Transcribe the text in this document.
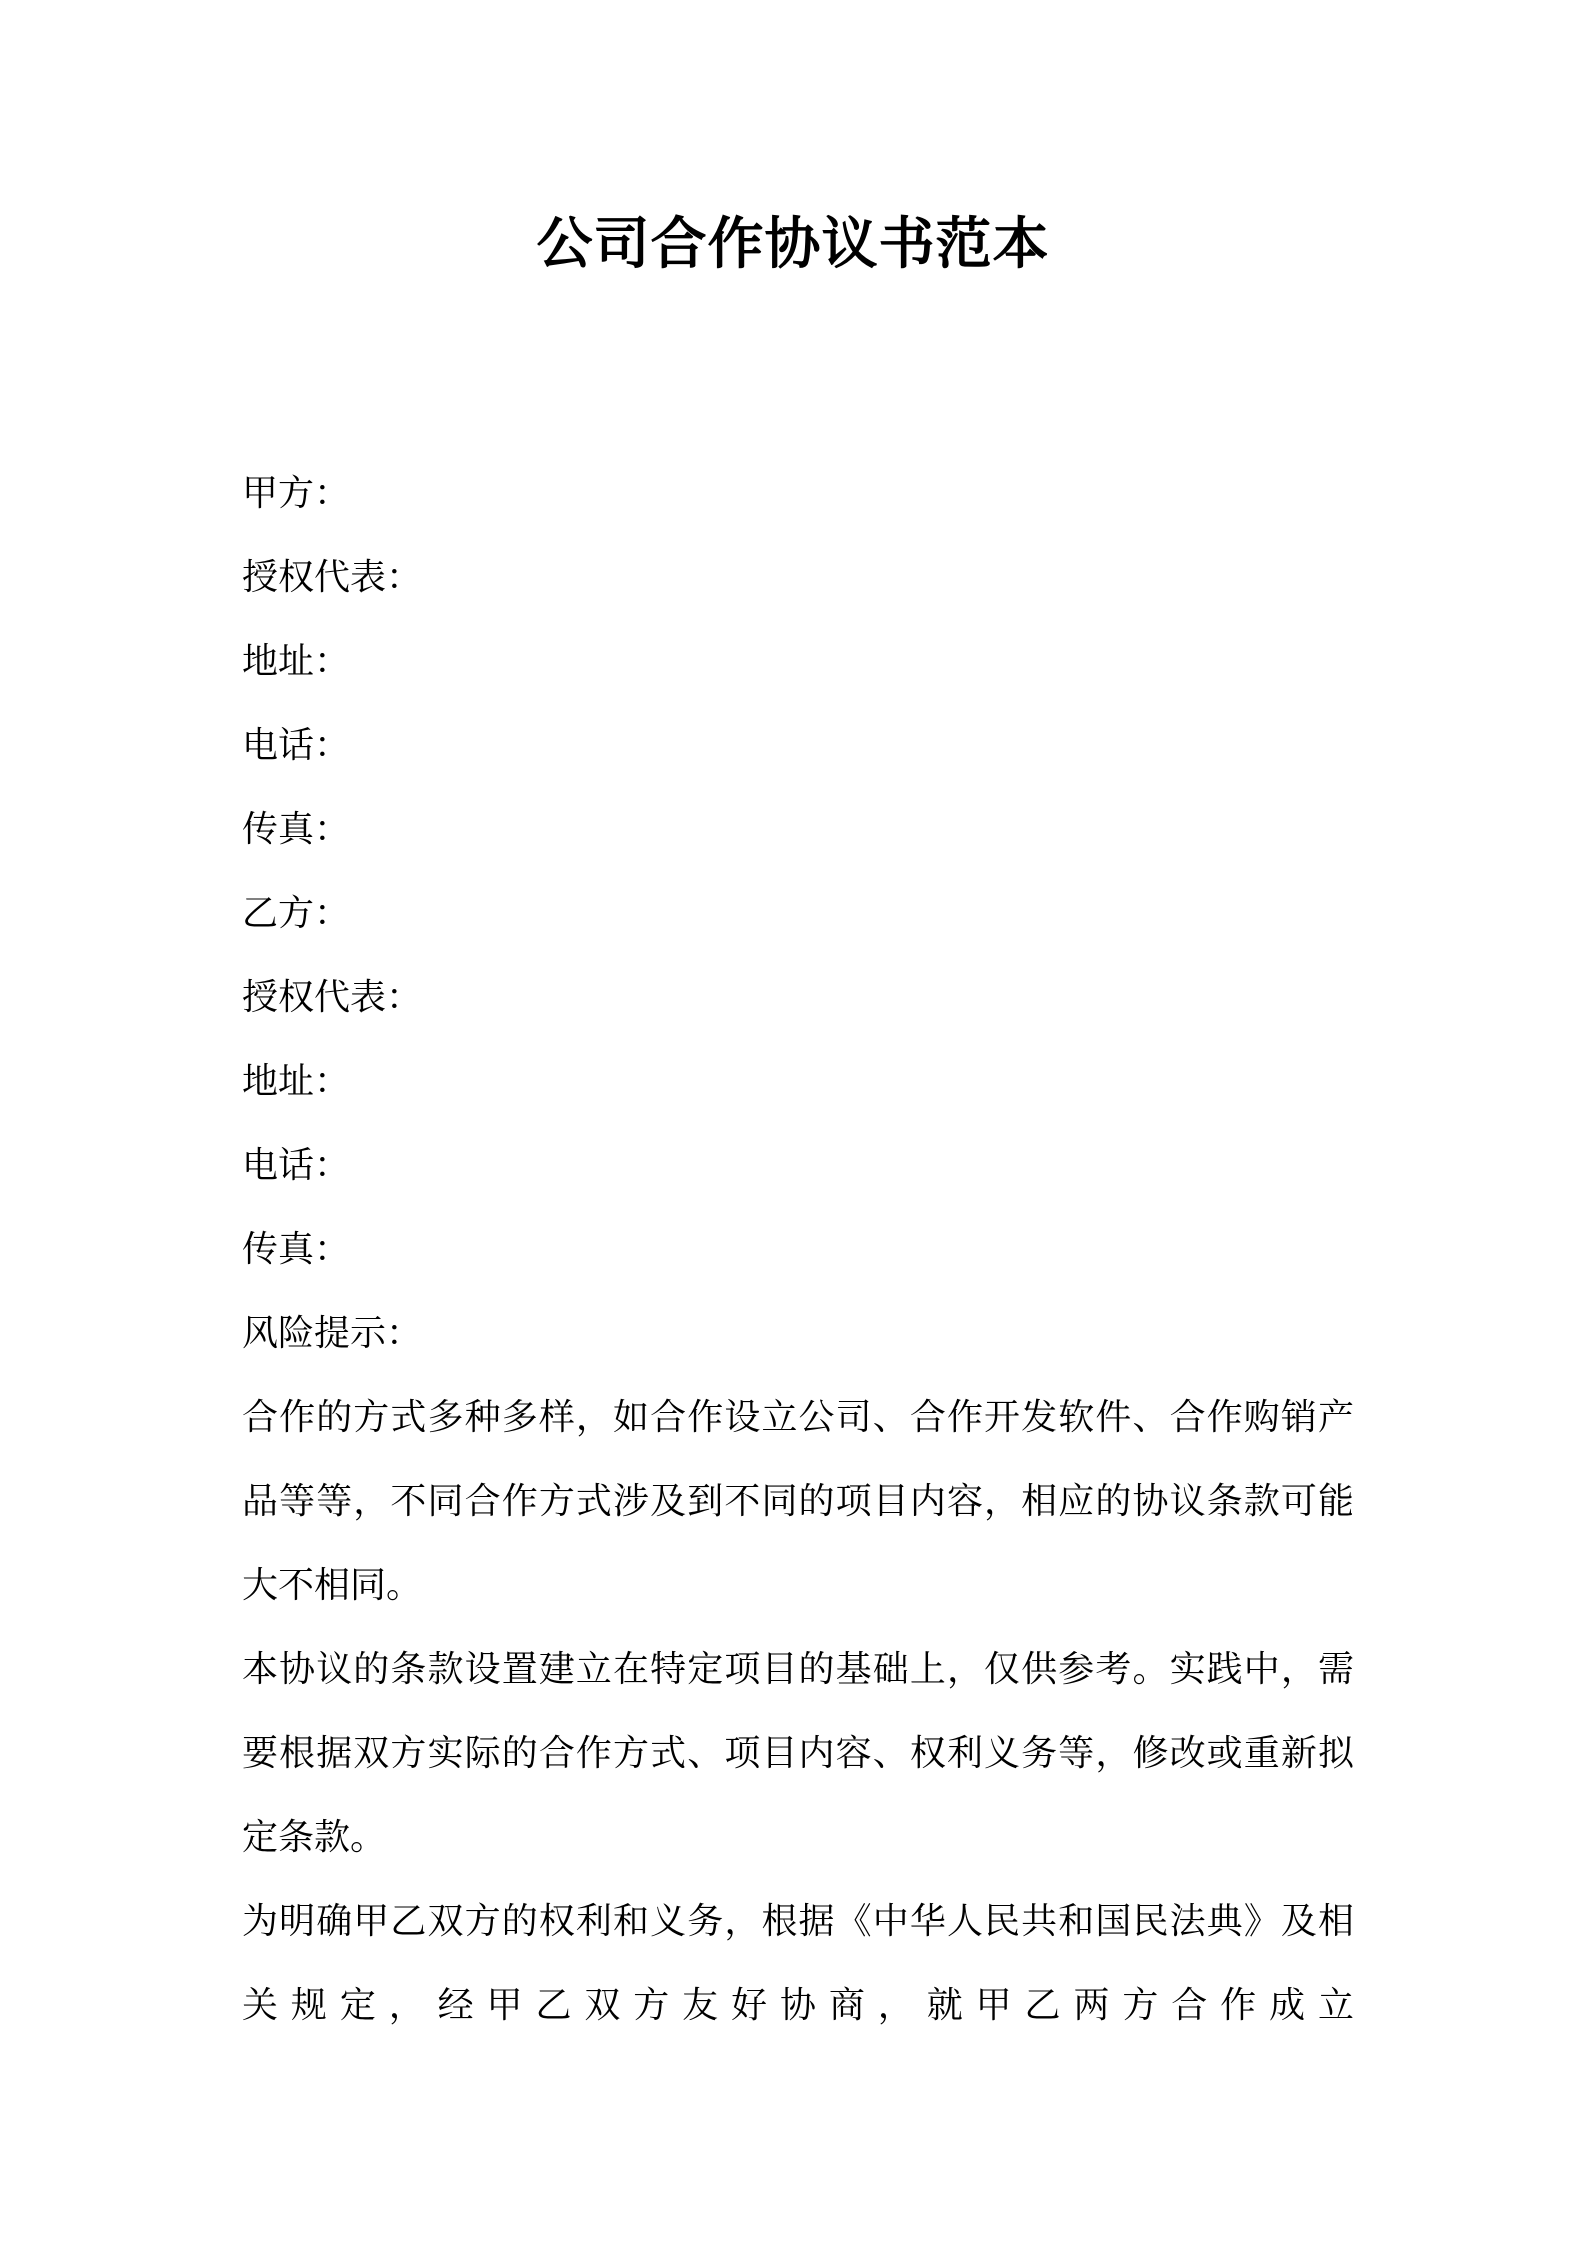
公司合作协议书范本
甲方：
授权代表：
地址：
电话：
传真：
乙方：
授权代表：
地址：
电话：
传真：
风险提示：
合作的方式多种多样，如合作设立公司、合作开发软件、合作购销产品等等，不同合作方式涉及到不同的项目内容，相应的协议条款可能大不相同。
本协议的条款设置建立在特定项目的基础上，仅供参考。实践中，需要根据双方实际的合作方式、项目内容、权利义务等，修改或重新拟定条款。
为明确甲乙双方的权利和义务，根据《中华人民共和国民法典》及相关规定，经甲乙双方友好协商，就甲乙两方合作成立
